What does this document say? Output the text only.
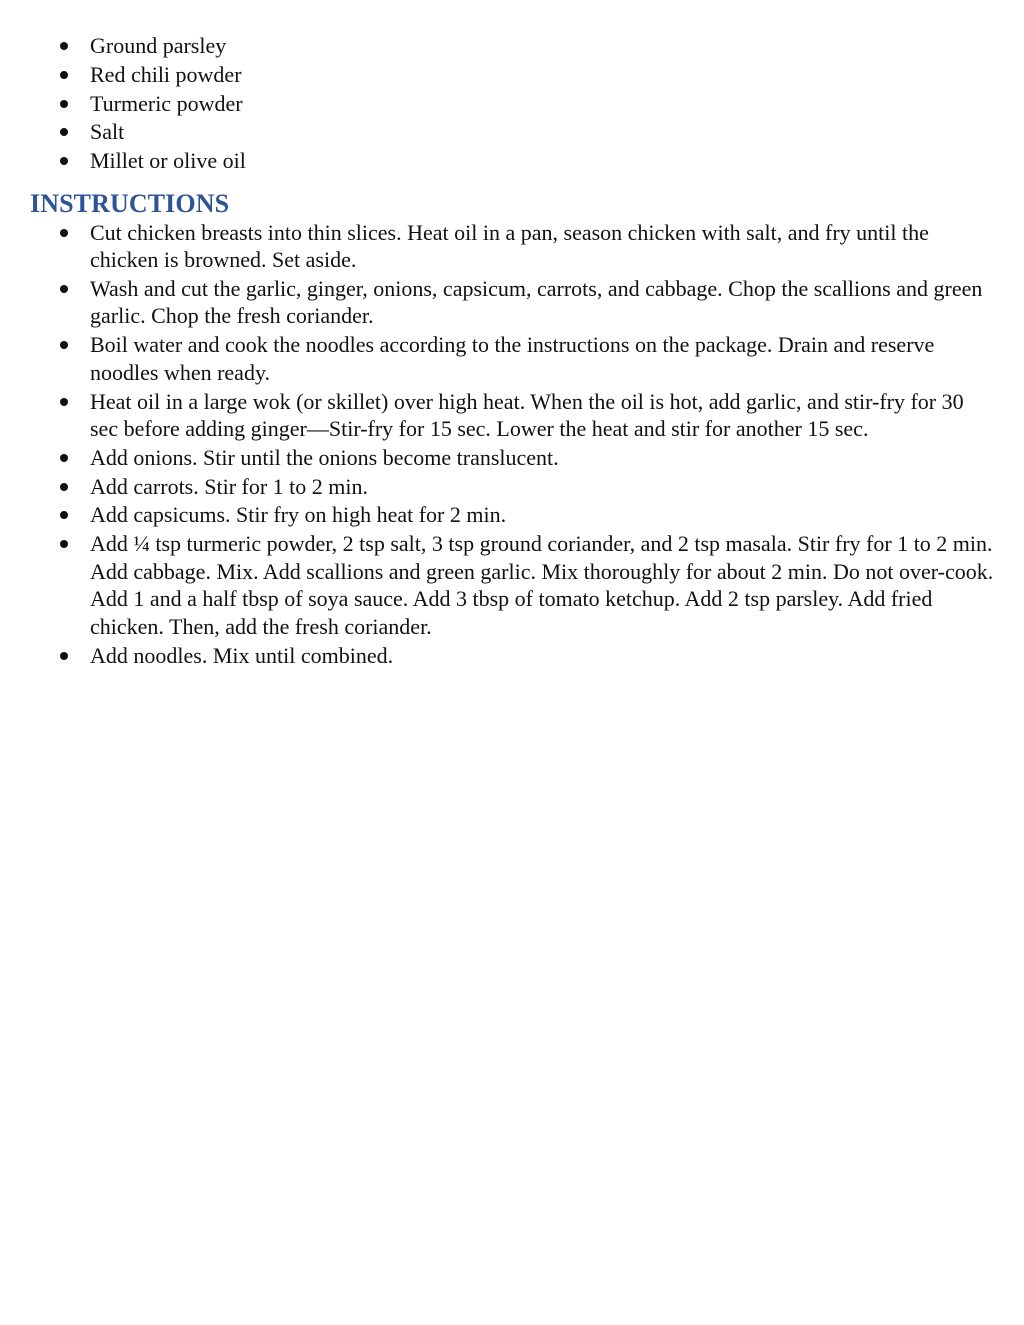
Ground parsley
Red chili powder
Turmeric powder
Salt
Millet or olive oil
INSTRUCTIONS
Cut chicken breasts into thin slices. Heat oil in a pan, season chicken with salt, and fry until the chicken is browned. Set aside.
Wash and cut the garlic, ginger, onions, capsicum, carrots, and cabbage. Chop the scallions and green garlic. Chop the fresh coriander.
Boil water and cook the noodles according to the instructions on the package. Drain and reserve noodles when ready.
Heat oil in a large wok (or skillet) over high heat. When the oil is hot, add garlic, and stir-fry for 30 sec before adding ginger—Stir-fry for 15 sec. Lower the heat and stir for another 15 sec.
Add onions. Stir until the onions become translucent.
Add carrots. Stir for 1 to 2 min.
Add capsicums. Stir fry on high heat for 2 min.
Add ¼ tsp turmeric powder, 2 tsp salt, 3 tsp ground coriander, and 2 tsp masala. Stir fry for 1 to 2 min. Add cabbage. Mix. Add scallions and green garlic. Mix thoroughly for about 2 min. Do not over-cook. Add 1 and a half tbsp of soya sauce. Add 3 tbsp of tomato ketchup. Add 2 tsp parsley. Add fried chicken. Then, add the fresh coriander.
Add noodles. Mix until combined.
